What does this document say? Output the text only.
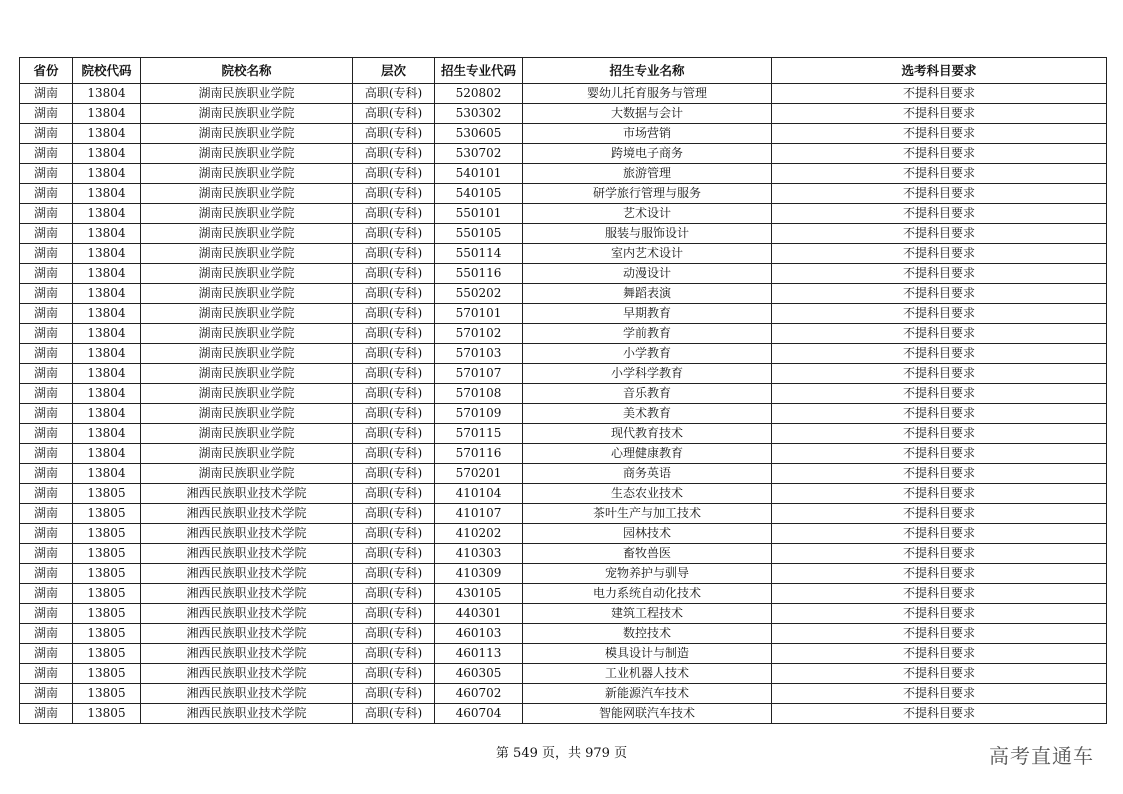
省份	院校代码	院校名称	层次	招生专业代码	招生专业名称	选考科目要求
湖南	13804	湖南民族职业学院	高职(专科)	520802	婴幼儿托育服务与管理	不提科目要求
湖南	13804	湖南民族职业学院	高职(专科)	530302	大数据与会计	不提科目要求
湖南	13804	湖南民族职业学院	高职(专科)	530605	市场营销	不提科目要求
湖南	13804	湖南民族职业学院	高职(专科)	530702	跨境电子商务	不提科目要求
湖南	13804	湖南民族职业学院	高职(专科)	540101	旅游管理	不提科目要求
湖南	13804	湖南民族职业学院	高职(专科)	540105	研学旅行管理与服务	不提科目要求
湖南	13804	湖南民族职业学院	高职(专科)	550101	艺术设计	不提科目要求
湖南	13804	湖南民族职业学院	高职(专科)	550105	服装与服饰设计	不提科目要求
湖南	13804	湖南民族职业学院	高职(专科)	550114	室内艺术设计	不提科目要求
湖南	13804	湖南民族职业学院	高职(专科)	550116	动漫设计	不提科目要求
湖南	13804	湖南民族职业学院	高职(专科)	550202	舞蹈表演	不提科目要求
湖南	13804	湖南民族职业学院	高职(专科)	570101	早期教育	不提科目要求
湖南	13804	湖南民族职业学院	高职(专科)	570102	学前教育	不提科目要求
湖南	13804	湖南民族职业学院	高职(专科)	570103	小学教育	不提科目要求
湖南	13804	湖南民族职业学院	高职(专科)	570107	小学科学教育	不提科目要求
湖南	13804	湖南民族职业学院	高职(专科)	570108	音乐教育	不提科目要求
湖南	13804	湖南民族职业学院	高职(专科)	570109	美术教育	不提科目要求
湖南	13804	湖南民族职业学院	高职(专科)	570115	现代教育技术	不提科目要求
湖南	13804	湖南民族职业学院	高职(专科)	570116	心理健康教育	不提科目要求
湖南	13804	湖南民族职业学院	高职(专科)	570201	商务英语	不提科目要求
湖南	13805	湘西民族职业技术学院	高职(专科)	410104	生态农业技术	不提科目要求
湖南	13805	湘西民族职业技术学院	高职(专科)	410107	茶叶生产与加工技术	不提科目要求
湖南	13805	湘西民族职业技术学院	高职(专科)	410202	园林技术	不提科目要求
湖南	13805	湘西民族职业技术学院	高职(专科)	410303	畜牧兽医	不提科目要求
湖南	13805	湘西民族职业技术学院	高职(专科)	410309	宠物养护与驯导	不提科目要求
湖南	13805	湘西民族职业技术学院	高职(专科)	430105	电力系统自动化技术	不提科目要求
湖南	13805	湘西民族职业技术学院	高职(专科)	440301	建筑工程技术	不提科目要求
湖南	13805	湘西民族职业技术学院	高职(专科)	460103	数控技术	不提科目要求
湖南	13805	湘西民族职业技术学院	高职(专科)	460113	模具设计与制造	不提科目要求
湖南	13805	湘西民族职业技术学院	高职(专科)	460305	工业机器人技术	不提科目要求
湖南	13805	湘西民族职业技术学院	高职(专科)	460702	新能源汽车技术	不提科目要求
湖南	13805	湘西民族职业技术学院	高职(专科)	460704	智能网联汽车技术	不提科目要求
第 549 页，共 979 页	高考直通车
